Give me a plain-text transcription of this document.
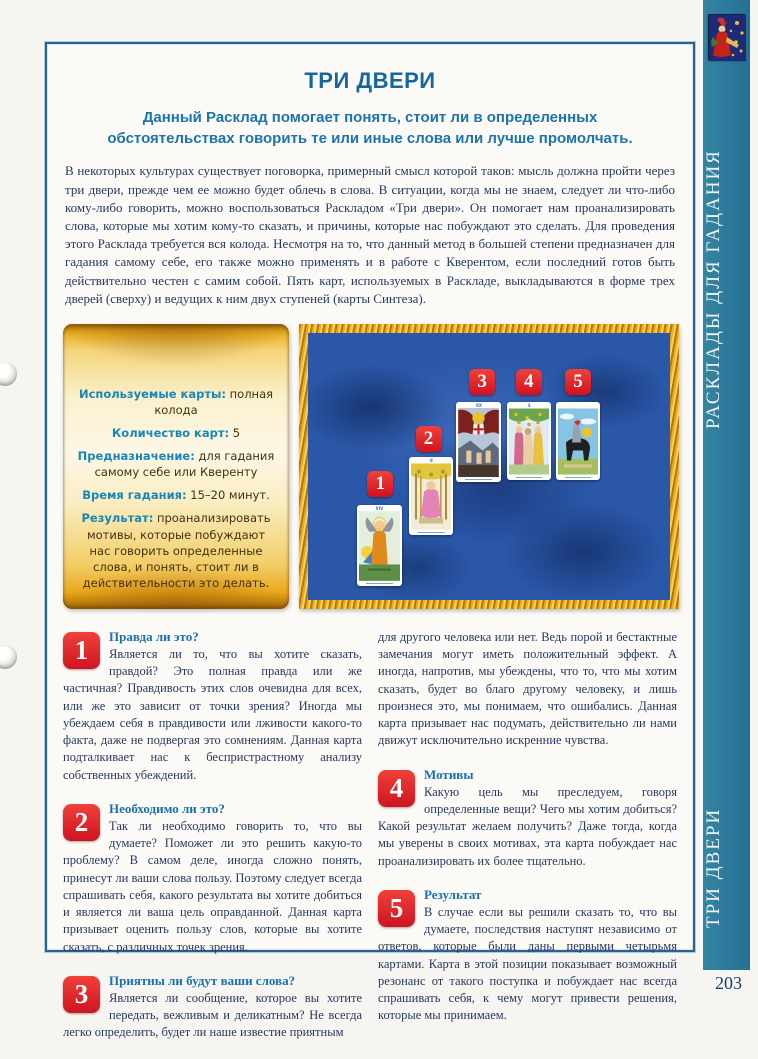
ТРИ ДВЕРИ
Данный Расклад помогает понять, стоит ли в определенных обстоятельствах говорить те или иные слова или лучше промолчать.
В некоторых культурах существует поговорка, примерный смысл которой таков: мысль должна пройти через три двери, прежде чем ее можно будет облечь в слова. В ситуации, когда мы не знаем, следует ли что-либо кому-либо говорить, можно воспользоваться Раскладом «Три двери». Он помогает нам проанализировать слова, которые мы хотим кому-то сказать, и причины, которые нас побуждают это сделать. Для проведения этого Расклада требуется вся колода. Несмотря на то, что данный метод в большей степени предназначен для гадания самому себе, его также можно применять и в работе с Кверентом, если последний готов быть действительно честен с самим собой. Пять карт, используемых в Раскладе, выкладываются в форме трех дверей (сверху) и ведущих к ним двух ступеней (карты Синтеза).

Используемые карты: полная колода

Количество карт: 5

Предназначение: для гадания самому себе или Кверенту

Время гадания: 15–20 минут.

Результат: проанализировать мотивы, которые побуждают нас говорить определенные слова, и понять, стоит ли в действительности это делать.

1
2
3	4	5
XIV
8
XX	3
1	Правда ли это?
Является ли то, что вы хотите сказать, правдой? Это полная правда или же частичная? Правдивость этих слов очевидна для всех, или же это зависит от точки зрения? Иногда мы убеждаем себя в правдивости или лживости какого-то факта, даже не подвергая это сомнениям. Данная карта подталкивает нас к беспристрастному анализу собственных убеждений.
2	Необходимо ли это?
Так ли необходимо говорить то, что вы думаете? Поможет ли это решить какую-то проблему? В самом деле, иногда сложно понять, принесут ли ваши слова пользу. Поэтому следует всегда спрашивать себя, какого результата вы хотите добиться и является ли ваша цель оправданной. Данная карта призывает оценить пользу слов, которые вы хотите сказать, с различных точек зрения.
3	Приятны ли будут ваши слова?
Является ли сообщение, которое вы хотите передать, вежливым и деликатным? Не всегда легко определить, будет ли наше известие приятным
для другого человека или нет. Ведь порой и бестактные замечания могут иметь положительный эффект. А иногда, напротив, мы убеждены, что то, что мы хотим сказать, будет во благо другому человеку, и лишь произнеся это, мы понимаем, что ошибались. Данная карта призывает нас подумать, действительно ли нами движут исключительно искренние чувства.
4	Мотивы
Какую цель мы преследуем, говоря определенные вещи? Чего мы хотим добиться? Какой результат желаем получить? Даже тогда, когда мы уверены в своих мотивах, эта карта побуждает нас проанализировать их более тщательно.
5	Результат
В случае если вы решили сказать то, что вы думаете, последствия наступят независимо от ответов, которые были даны первыми четырьмя картами. Карта в этой позиции показывает возможный резонанс от такого поступка и побуждает нас всегда спрашивать себя, к чему могут привести решения, которые мы принимаем.
РАСКЛАДЫ ДЛЯ ГАДАНИЯ
ТРИ ДВЕРИ
203
